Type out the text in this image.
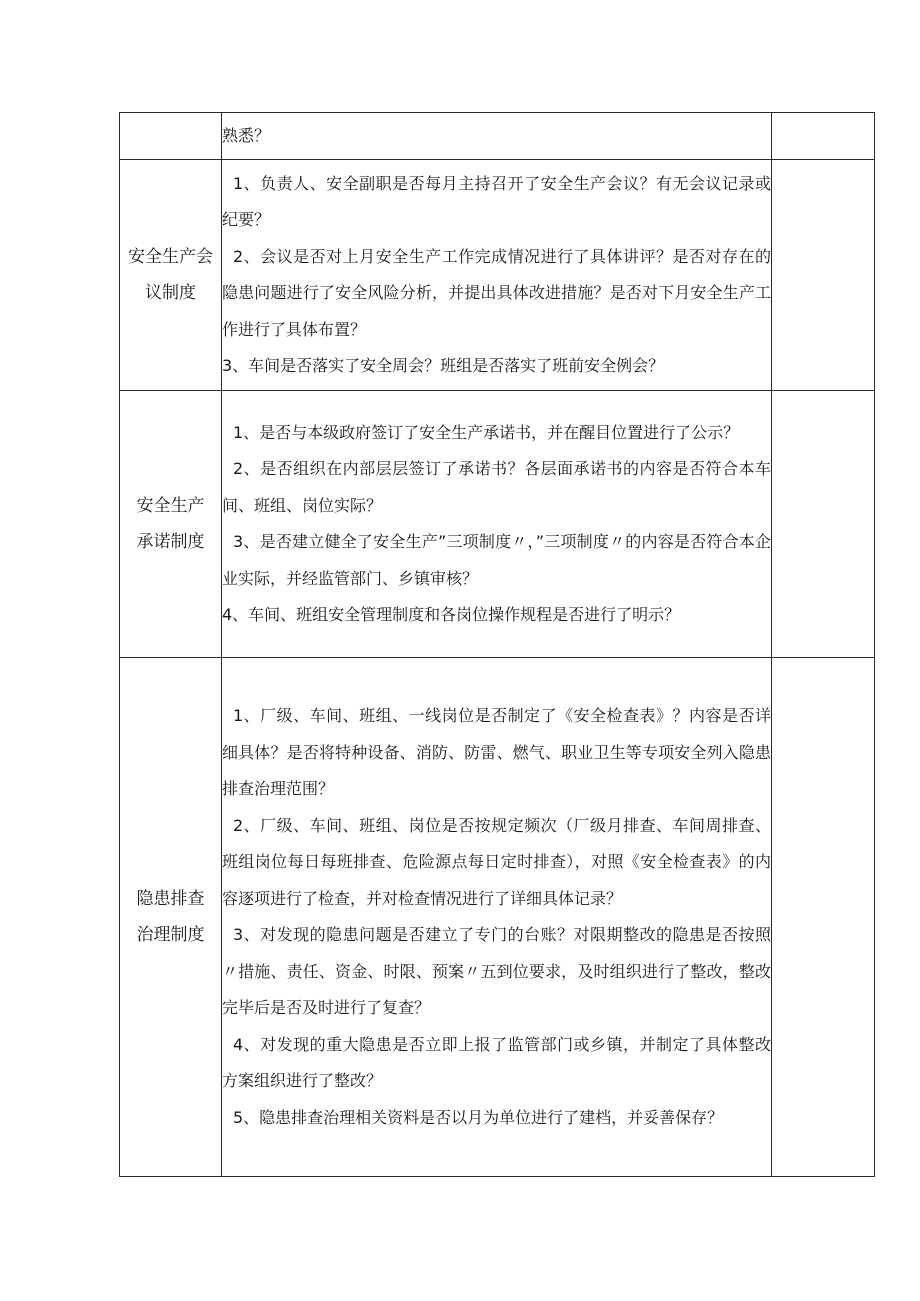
	熟悉？	

安全生产会
议制度	1、负责人、安全副职是否每月主持召开了安全生产会议？有无会议记录或纪要？
2、会议是否对上月安全生产工作完成情况进行了具体讲评？是否对存在的隐患问题进行了安全风险分析，并提出具体改进措施？是否对下月安全生产工作进行了具体布置？
3、车间是否落实了安全周会？班组是否落实了班前安全例会？	

安全生产
承诺制度	1、是否与本级政府签订了安全生产承诺书，并在醒目位置进行了公示？
2、是否组织在内部层层签订了承诺书？各层面承诺书的内容是否符合本车间、班组、岗位实际？
3、是否建立健全了安全生产”三项制度〃，”三项制度〃的内容是否符合本企业实际，并经监管部门、乡镇审核？
4、车间、班组安全管理制度和各岗位操作规程是否进行了明示？	

隐患排查
治理制度	1、厂级、车间、班组、一线岗位是否制定了《安全检查表》？内容是否详细具体？是否将特种设备、消防、防雷、燃气、职业卫生等专项安全列入隐患排查治理范围？
2、厂级、车间、班组、岗位是否按规定频次（厂级月排查、车间周排查、班组岗位每日每班排查、危险源点每日定时排查），对照《安全检查表》的内容逐项进行了检查，并对检查情况进行了详细具体记录？
3、对发现的隐患问题是否建立了专门的台账？对限期整改的隐患是否按照〃措施、责任、资金、时限、预案〃五到位要求，及时组织进行了整改，整改完毕后是否及时进行了复查？
4、对发现的重大隐患是否立即上报了监管部门或乡镇，并制定了具体整改方案组织进行了整改？
5、隐患排查治理相关资料是否以月为单位进行了建档，并妥善保存？	
